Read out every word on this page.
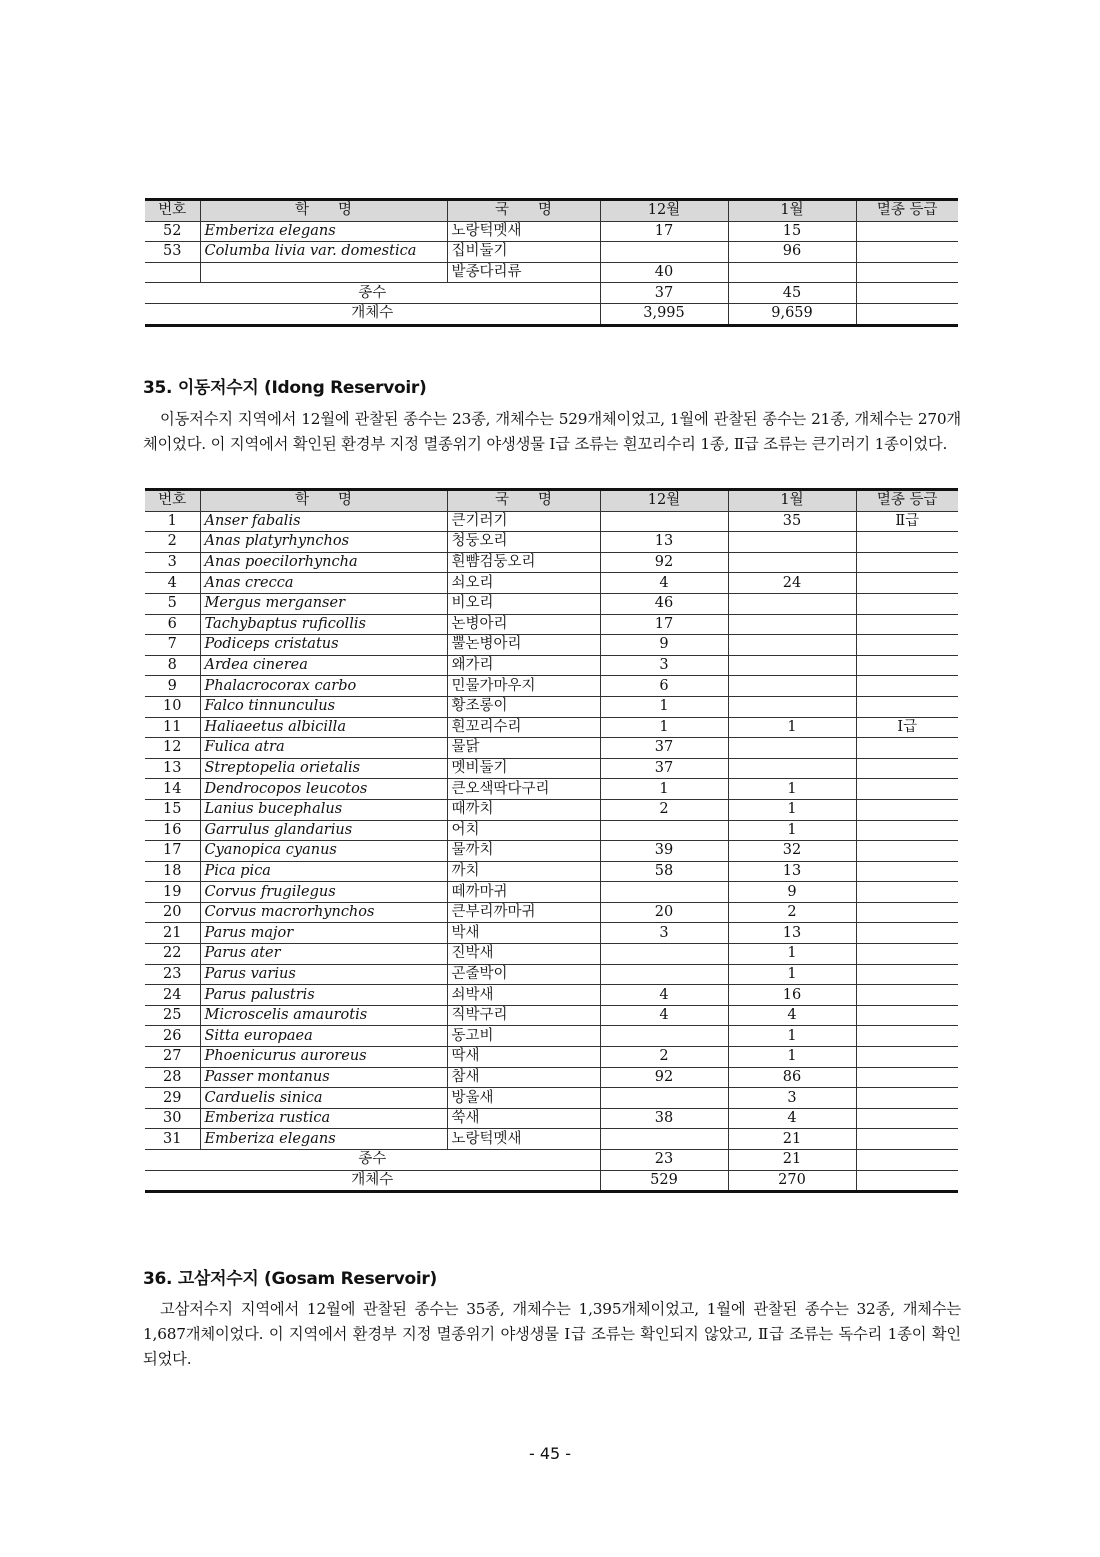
번호	학　　명	국　　명	12월	1월	멸종 등급
52	Emberiza elegans	노랑턱멧새	17	15	
53	Columba livia var. domestica	집비둘기		96	
		밭종다리류	40		
종수			37	45	
개체수			3,995	9,659	
35. 이동저수지 (Idong Reservoir)

이동저수지 지역에서 12월에 관찰된 종수는 23종, 개체수는 529개체이었고, 1월에 관찰된 종수는 21종, 개체수는 270개체이었다. 이 지역에서 확인된 환경부 지정 멸종위기 야생생물 Ⅰ급 조류는 흰꼬리수리 1종, Ⅱ급 조류는 큰기러기 1종이었다.

번호	학　　명	국　　명	12월	1월	멸종 등급
1	Anser fabalis	큰기러기		35	Ⅱ급
2	Anas platyrhynchos	청둥오리	13		
3	Anas poecilorhyncha	흰뺨검둥오리	92		
4	Anas crecca	쇠오리	4	24	
5	Mergus merganser	비오리	46		
6	Tachybaptus ruficollis	논병아리	17		
7	Podiceps cristatus	뿔논병아리	9		
8	Ardea cinerea	왜가리	3		
9	Phalacrocorax carbo	민물가마우지	6		
10	Falco tinnunculus	황조롱이	1		
11	Haliaeetus albicilla	흰꼬리수리	1	1	Ⅰ급
12	Fulica atra	물닭	37		
13	Streptopelia orietalis	멧비둘기	37		
14	Dendrocopos leucotos	큰오색딱다구리	1	1	
15	Lanius bucephalus	때까치	2	1	
16	Garrulus glandarius	어치		1	
17	Cyanopica cyanus	물까치	39	32	
18	Pica pica	까치	58	13	
19	Corvus frugilegus	떼까마귀		9	
20	Corvus macrorhynchos	큰부리까마귀	20	2	
21	Parus major	박새	3	13	
22	Parus ater	진박새		1	
23	Parus varius	곤줄박이		1	
24	Parus palustris	쇠박새	4	16	
25	Microscelis amaurotis	직박구리	4	4	
26	Sitta europaea	동고비		1	
27	Phoenicurus auroreus	딱새	2	1	
28	Passer montanus	참새	92	86	
29	Carduelis sinica	방울새		3	
30	Emberiza rustica	쑥새	38	4	
31	Emberiza elegans	노랑턱멧새		21	
종수			23	21	
개체수			529	270	
36. 고삼저수지 (Gosam Reservoir)

고삼저수지 지역에서 12월에 관찰된 종수는 35종, 개체수는 1,395개체이었고, 1월에 관찰된 종수는 32종, 개체수는 1,687개체이었다. 이 지역에서 환경부 지정 멸종위기 야생생물 Ⅰ급 조류는 확인되지 않았고, Ⅱ급 조류는 독수리 1종이 확인되었다.

- 45 -
